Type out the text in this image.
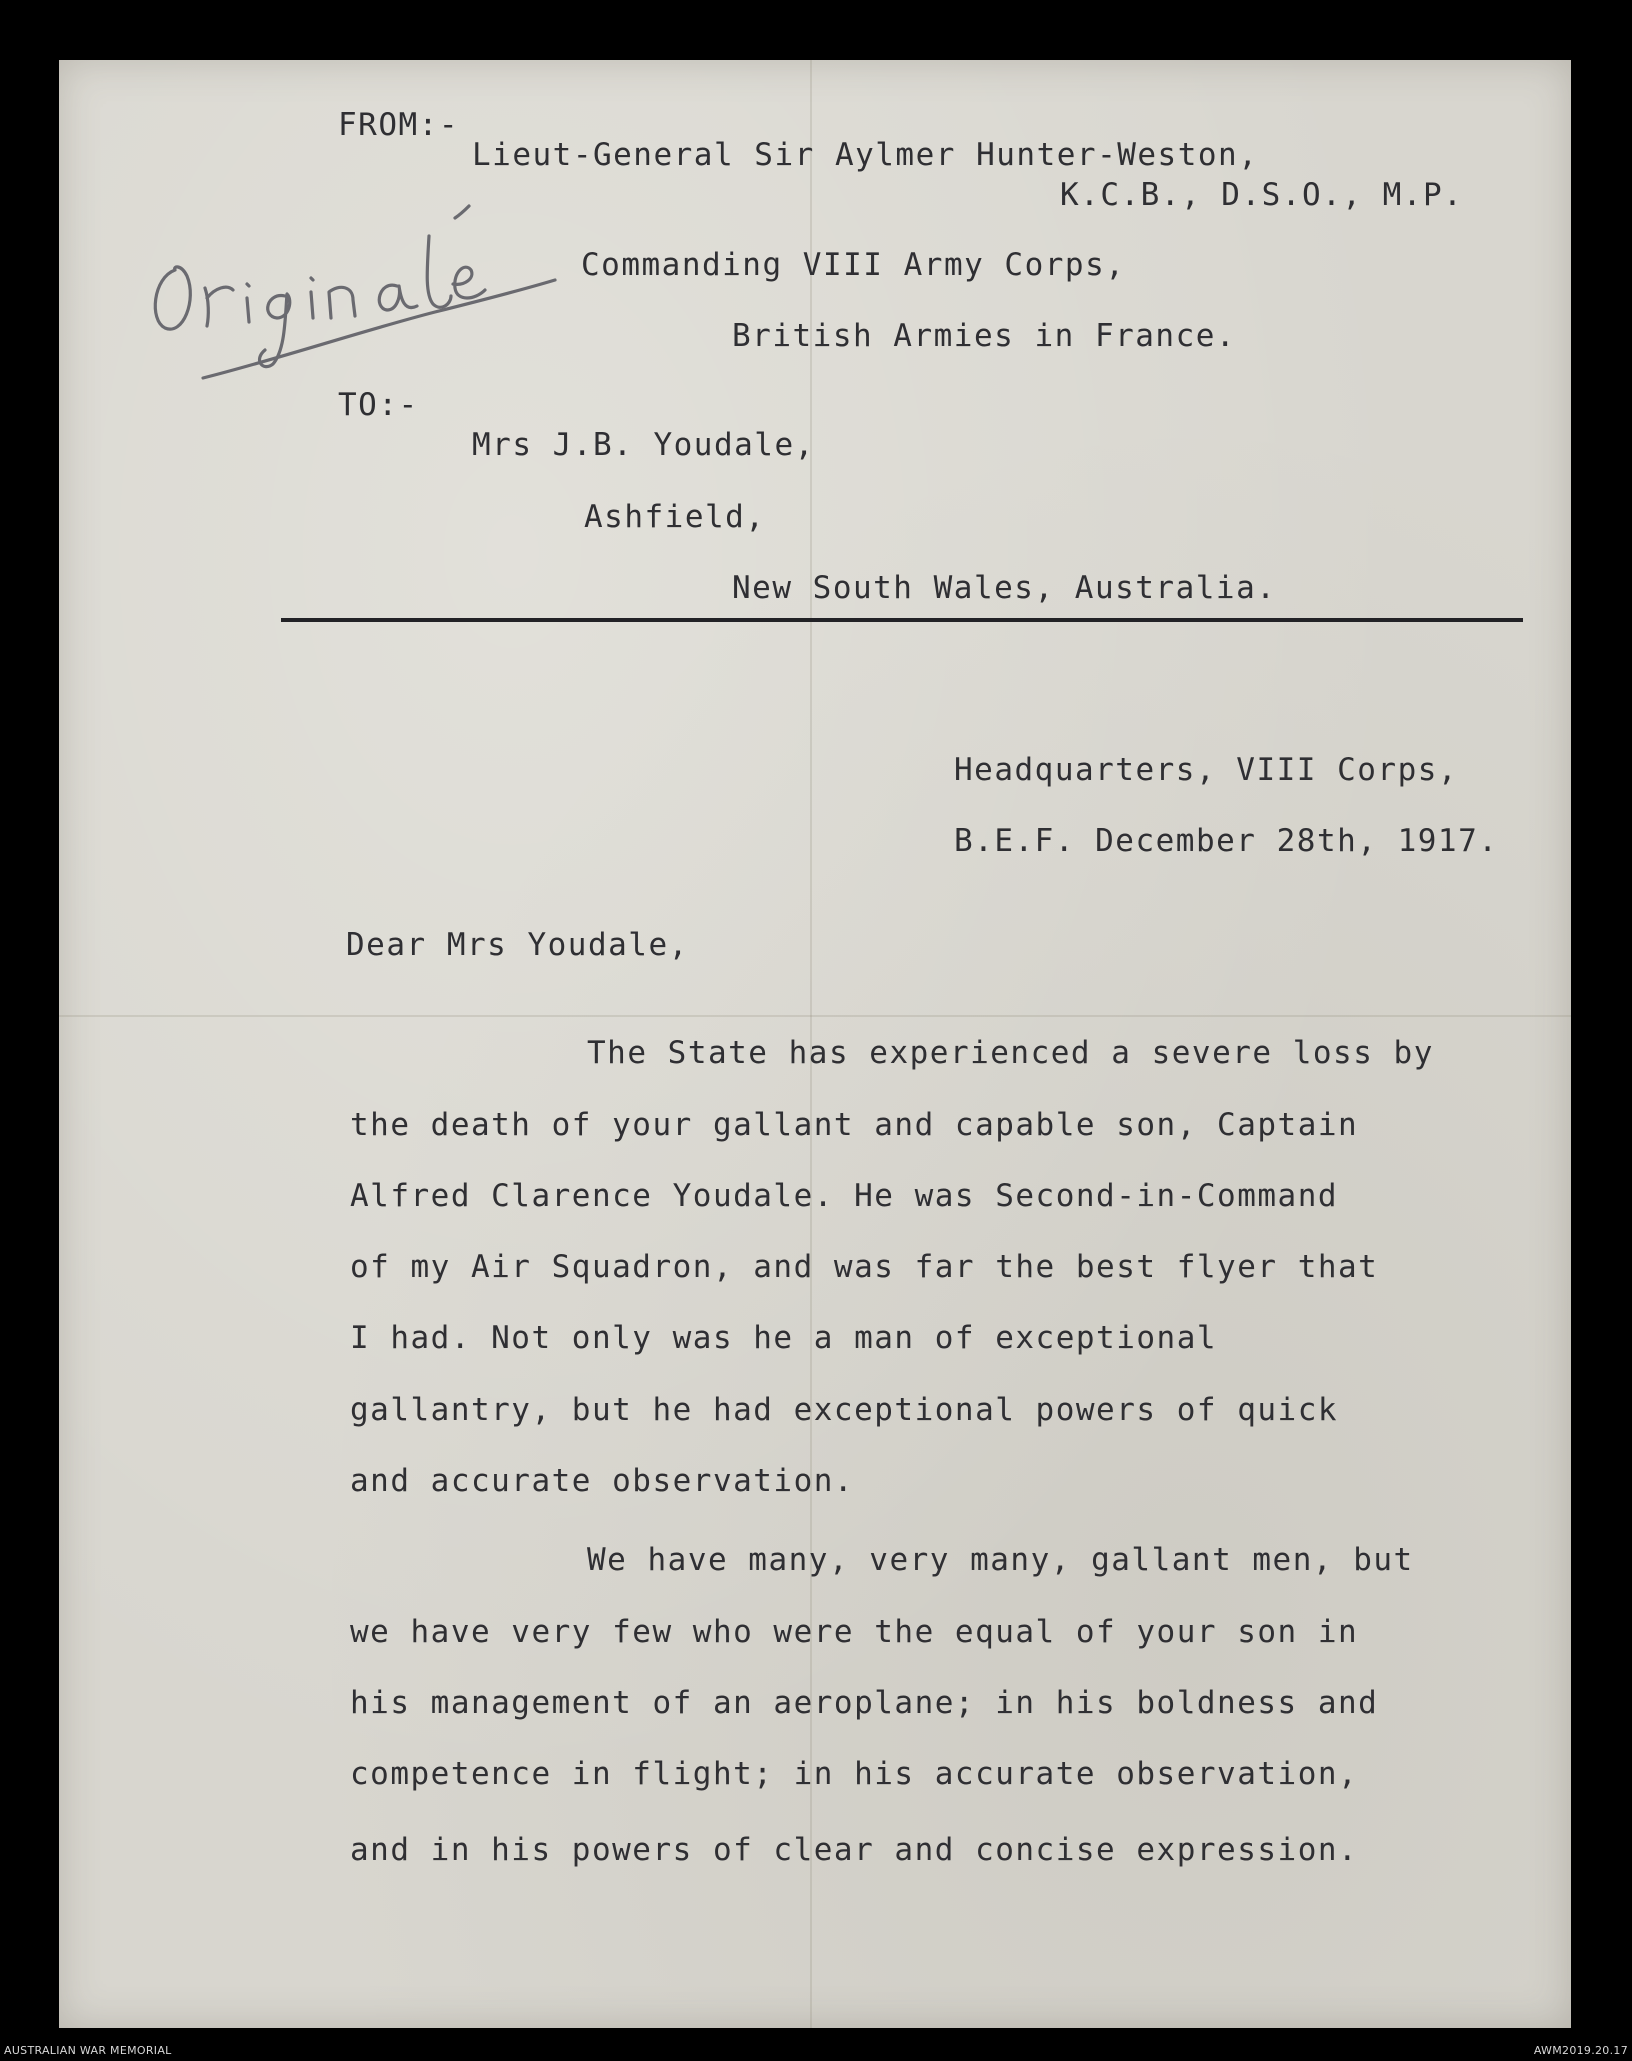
FROM:-
Lieut-General Sir Aylmer Hunter-Weston,
K.C.B., D.S.O., M.P.
Commanding VIII Army Corps,
British Armies in France.
TO:-
Mrs J.B. Youdale,
Ashfield,
New South Wales, Australia.
Headquarters, VIII Corps,
B.E.F. December 28th, 1917.
Dear Mrs Youdale,
The State has experienced a severe loss by
the death of your gallant and capable son, Captain
Alfred Clarence Youdale. He was Second-in-Command
of my Air Squadron, and was far the best flyer that
I had. Not only was he a man of exceptional
gallantry, but he had exceptional powers of quick
and accurate observation.
We have many, very many, gallant men, but
we have very few who were the equal of your son in
his management of an aeroplane; in his boldness and
competence in flight; in his accurate observation,
and in his powers of clear and concise expression.
AUSTRALIAN WAR MEMORIAL	AWM2019.20.17
